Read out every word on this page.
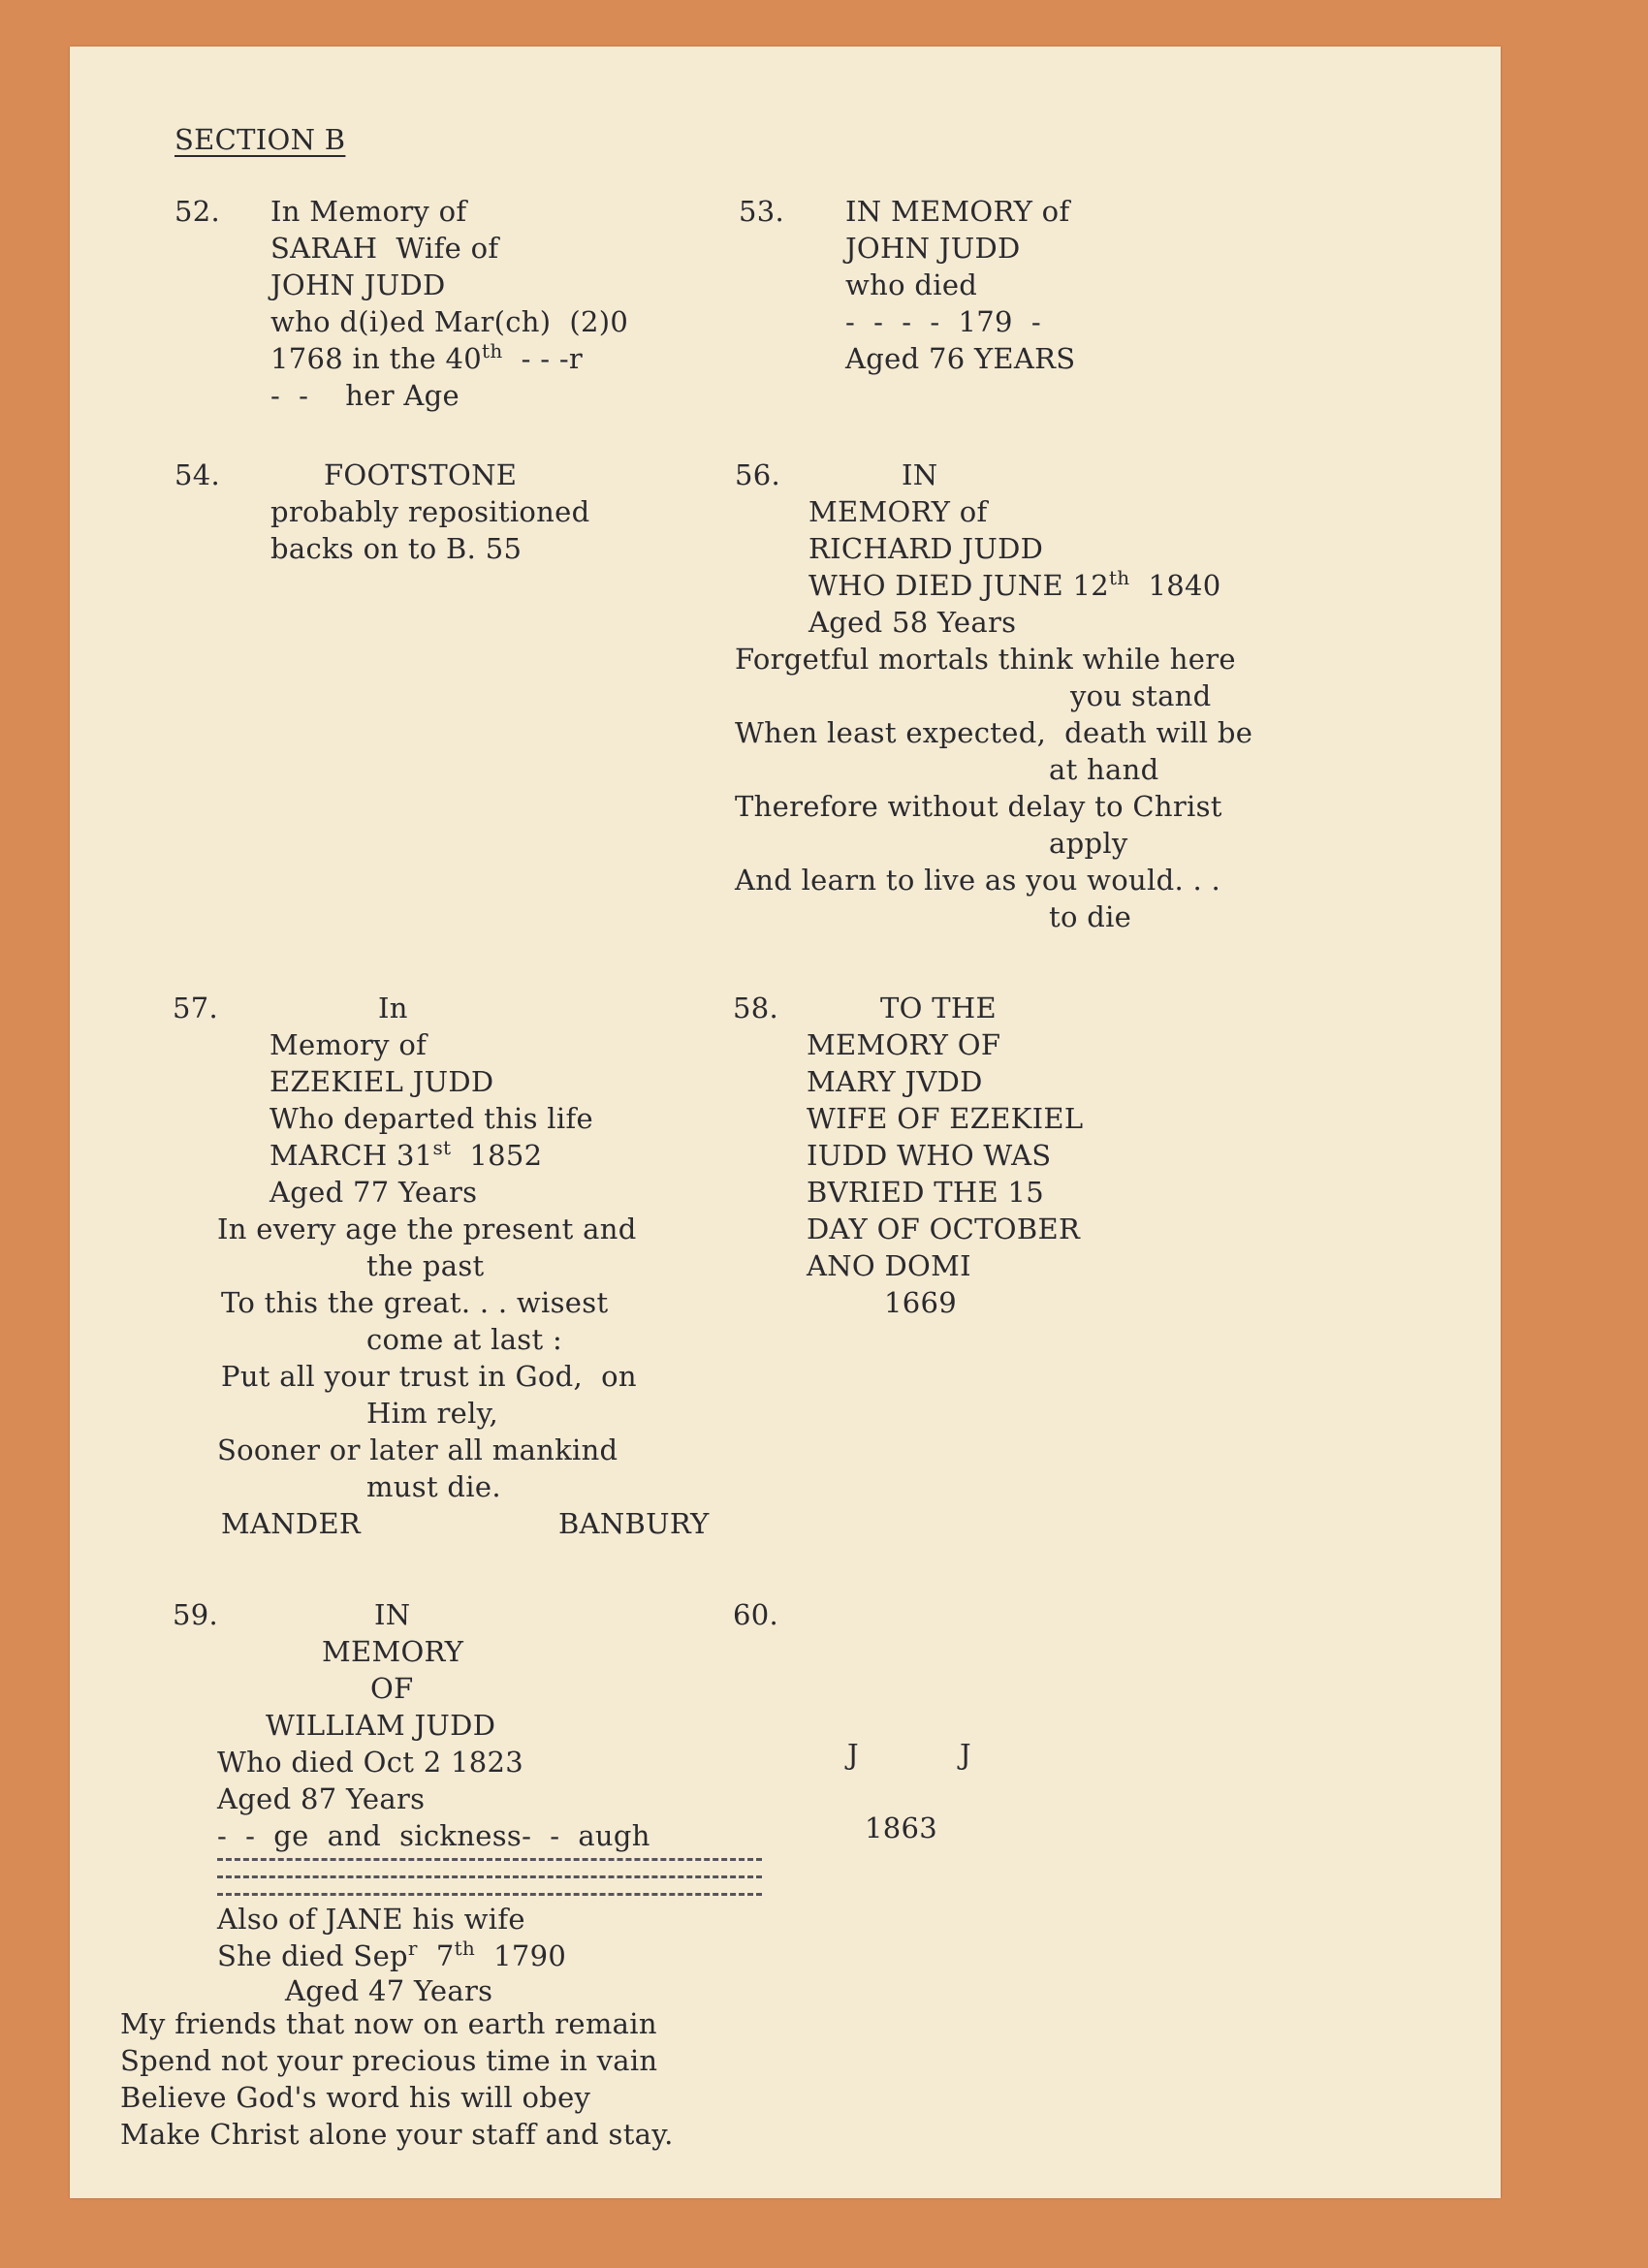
SECTION B
52. In Memory of
SARAH  Wife of
JOHN JUDD
who d(i)ed Mar(ch)  (2)0
1768 in the 40th  - - -r
-  -    her Age
53. IN MEMORY of
JOHN JUDD
who died
-  -  -  -  179  -
Aged 76 YEARS
54.	FOOTSTONE
probably repositioned
backs on to B. 55
56.	IN
MEMORY of
RICHARD JUDD
WHO DIED JUNE 12th  1840
Aged 58 Years
Forgetful mortals think while here
you stand
When least expected,  death will be
at hand
Therefore without delay to Christ
apply
And learn to live as you would. . .
to die
57.	In
Memory of
EZEKIEL JUDD
Who departed this life
MARCH 31st  1852
Aged 77 Years
In every age the present and
the past
To this the great. . . wisest
come at last :
Put all your trust in God,  on
Him rely,
Sooner or later all mankind
must die.
MANDER	BANBURY
58.	TO THE
MEMORY OF
MARY JVDD
WIFE OF EZEKIEL
IUDD WHO WAS
BVRIED THE 15
DAY OF OCTOBER
ANO DOMI
1669
59.	IN
MEMORY
OF
WILLIAM JUDD
Who died Oct 2 1823
Aged 87 Years
-  -  ge  and  sickness-  -  augh
Also of JANE his wife
She died Sep$^r$  7th  1790
Aged 47 Years
My friends that now on earth remain
Spend not your precious time in vain
Believe God's word his will obey
Make Christ alone your staff and stay.
60.
J	J
1863
